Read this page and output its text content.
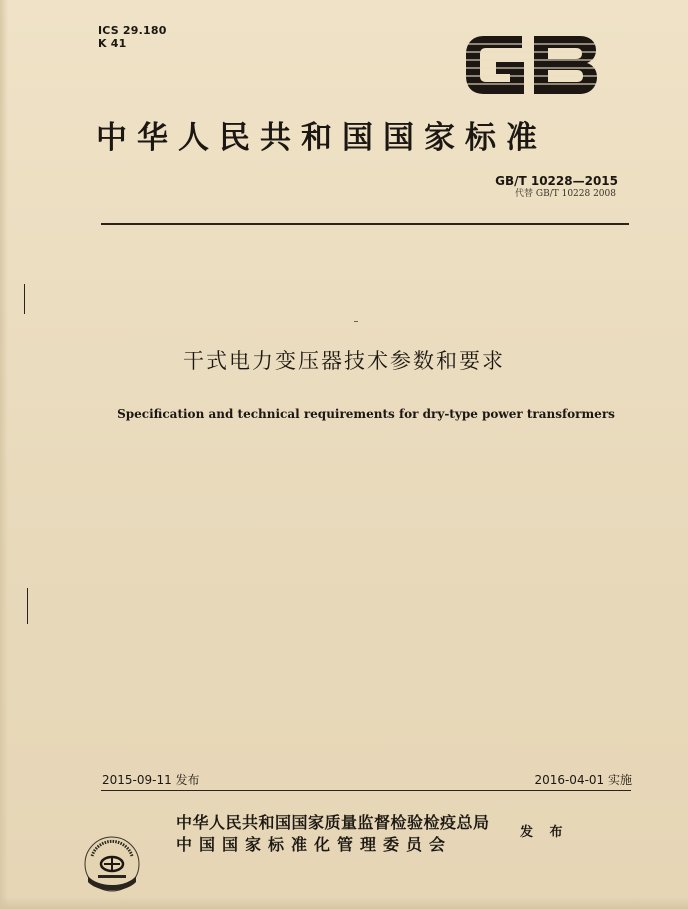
ICS 29.180
K 41
中华人民共和国国家标准
GB/T 10228—2015
代替 GB/T 10228 2008
干式电力变压器技术参数和要求
Specification and technical requirements for dry-type power transformers
2015-09-11 发布	2016-04-01 实施
中华人民共和国国家质量监督检验检疫总局
中国国家标准化管理委员会
发 布
